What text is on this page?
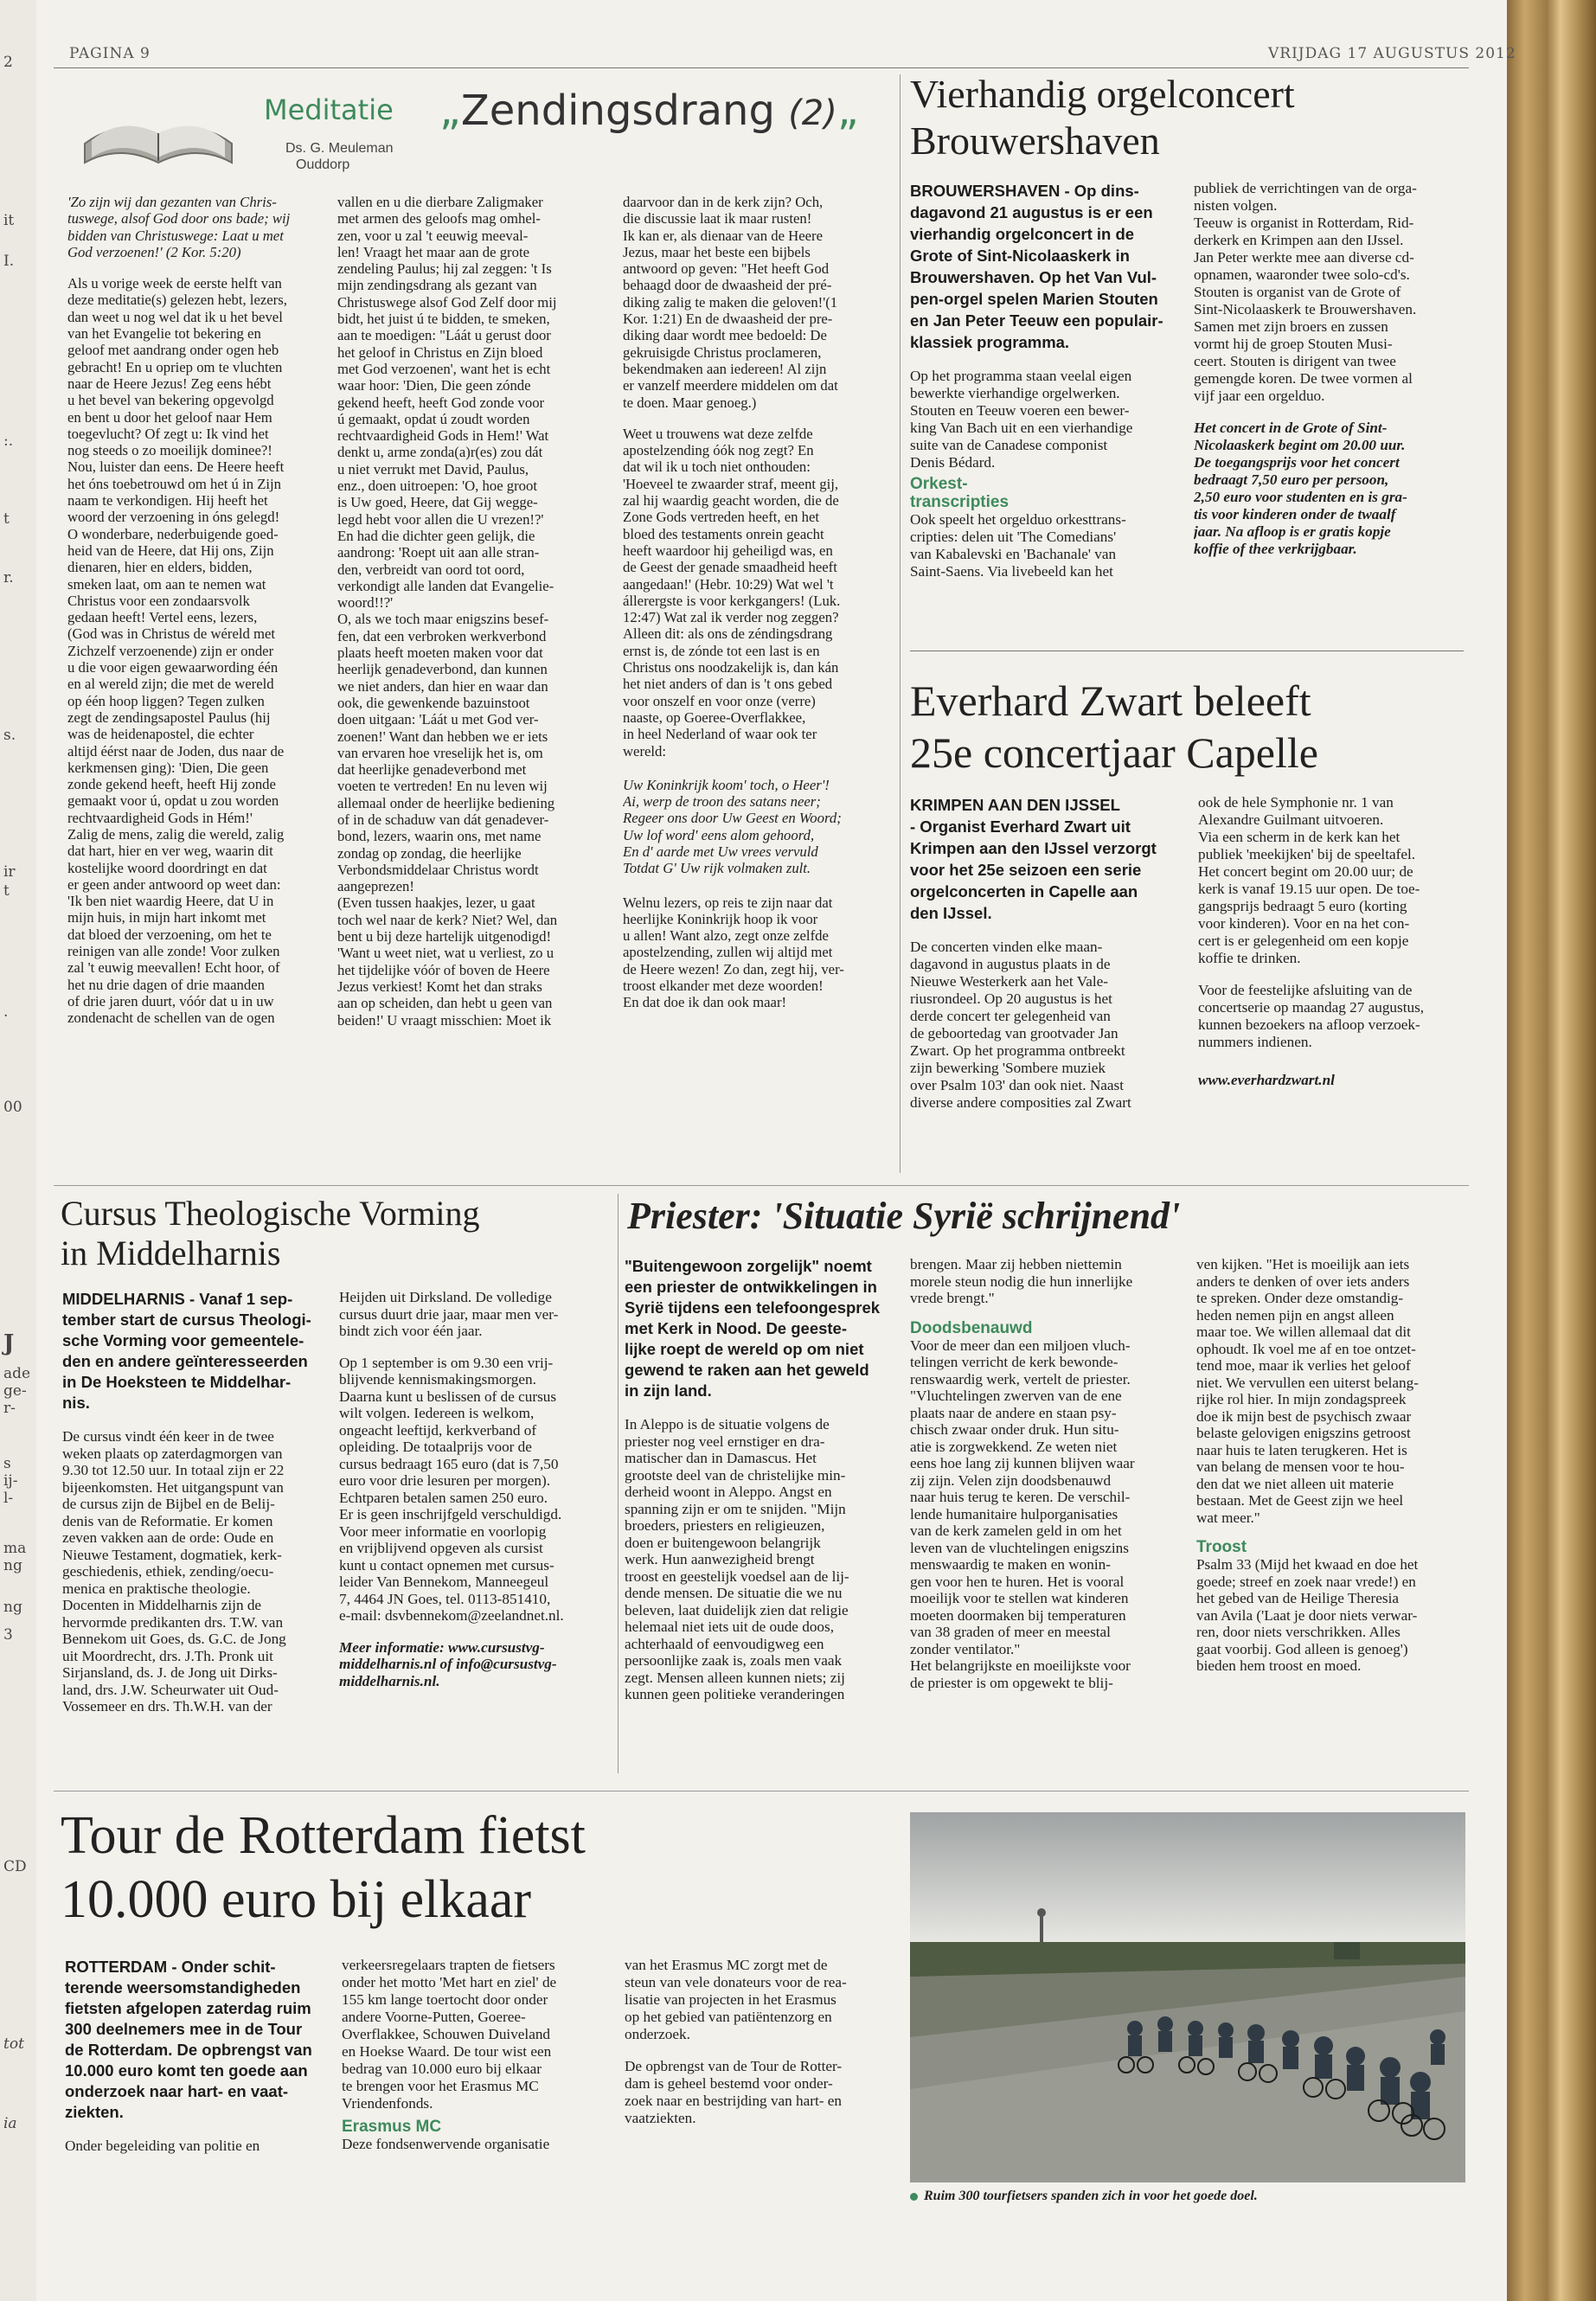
2
it
I.
:.
t
r.
s.
ir
t
.
00
J
ade
ge-
r-
s
ij-
l-
ma
ng
ng
3
CD
tot
ia
PAGINA 9	VRIJDAG 17 AUGUSTUS 2012
Meditatie
Ds. G. Meuleman
Ouddorp
„Zendingsdrang (2)„
'Zo zijn wij dan gezanten van Chris-
tuswege, alsof God door ons bade; wij
bidden van Christuswege: Laat u met
God verzoenen!' (2 Kor. 5:20)
Als u vorige week de eerste helft van
deze meditatie(s) gelezen hebt, lezers,
dan weet u nog wel dat ik u het bevel
van het Evangelie tot bekering en
geloof met aandrang onder ogen heb
gebracht! En u opriep om te vluchten
naar de Heere Jezus! Zeg eens hébt
u het bevel van bekering opgevolgd
en bent u door het geloof naar Hem
toegevlucht? Of zegt u: Ik vind het
nog steeds o zo moeilijk dominee?!
Nou, luister dan eens. De Heere heeft
het óns toebetrouwd om het ú in Zijn
naam te verkondigen. Hij heeft het
woord der verzoening in óns gelegd!
O wonderbare, nederbuigende goed-
heid van de Heere, dat Hij ons, Zijn
dienaren, hier en elders, bidden,
smeken laat, om aan te nemen wat
Christus voor een zondaarsvolk
gedaan heeft! Vertel eens, lezers,
(God was in Christus de wéreld met
Zichzelf verzoenende) zijn er onder
u die voor eigen gewaarwording één
en al wereld zijn; die met de wereld
op één hoop liggen? Tegen zulken
zegt de zendingsapostel Paulus (hij
was de heidenapostel, die echter
altijd éérst naar de Joden, dus naar de
kerkmensen ging): 'Dien, Die geen
zonde gekend heeft, heeft Hij zonde
gemaakt voor ú, opdat u zou worden
rechtvaardigheid Gods in Hém!'
Zalig de mens, zalig die wereld, zalig
dat hart, hier en ver weg, waarin dit
kostelijke woord doordringt en dat
er geen ander antwoord op weet dan:
'Ik ben niet waardig Heere, dat U in
mijn huis, in mijn hart inkomt met
dat bloed der verzoening, om het te
reinigen van alle zonde! Voor zulken
zal 't euwig meevallen! Echt hoor, of
het nu drie dagen of drie maanden
of drie jaren duurt, vóór dat u in uw
zondenacht de schellen van de ogen
vallen en u die dierbare Zaligmaker
met armen des geloofs mag omhel-
zen, voor u zal 't eeuwig meeval-
len! Vraagt het maar aan de grote
zendeling Paulus; hij zal zeggen: 't Is
mijn zendingsdrang als gezant van
Christuswege alsof God Zelf door mij
bidt, het juist ú te bidden, te smeken,
aan te moedigen: "Láát u gerust door
het geloof in Christus en Zijn bloed
met God verzoenen', want het is echt
waar hoor: 'Dien, Die geen zónde
gekend heeft, heeft God zonde voor
ú gemaakt, opdat ú zoudt worden
rechtvaardigheid Gods in Hem!' Wat
denkt u, arme zonda(a)r(es) zou dát
u niet verrukt met David, Paulus,
enz., doen uitroepen: 'O, hoe groot
is Uw goed, Heere, dat Gij wegge-
legd hebt voor allen die U vrezen!?'
En had die dichter geen gelijk, die
aandrong: 'Roept uit aan alle stran-
den, verbreidt van oord tot oord,
verkondigt alle landen dat Evangelie-
woord!!?'
O, als we toch maar enigszins besef-
fen, dat een verbroken werkverbond
plaats heeft moeten maken voor dat
heerlijk genadeverbond, dan kunnen
we niet anders, dan hier en waar dan
ook, die gewenkende bazuinstoot
doen uitgaan: 'Láát u met God ver-
zoenen!' Want dan hebben we er iets
van ervaren hoe vreselijk het is, om
dat heerlijke genadeverbond met
voeten te vertreden! En nu leven wij
allemaal onder de heerlijke bediening
of in de schaduw van dát genadever-
bond, lezers, waarin ons, met name
zondag op zondag, die heerlijke
Verbondsmiddelaar Christus wordt
aangeprezen!
(Even tussen haakjes, lezer, u gaat
toch wel naar de kerk? Niet? Wel, dan
bent u bij deze hartelijk uitgenodigd!
'Want u weet niet, wat u verliest, zo u
het tijdelijke vóór of boven de Heere
Jezus verkiest! Komt het dan straks
aan op scheiden, dan hebt u geen van
beiden!' U vraagt misschien: Moet ik
daarvoor dan in de kerk zijn? Och,
die discussie laat ik maar rusten!
Ik kan er, als dienaar van de Heere
Jezus, maar het beste een bijbels
antwoord op geven: "Het heeft God
behaagd door de dwaasheid der pré-
diking zalig te maken die geloven!'(1
Kor. 1:21) En de dwaasheid der pre-
diking daar wordt mee bedoeld: De
gekruisigde Christus proclameren,
bekendmaken aan iedereen! Al zijn
er vanzelf meerdere middelen om dat
te doen. Maar genoeg.)
Weet u trouwens wat deze zelfde
apostelzending óók nog zegt? En
dat wil ik u toch niet onthouden:
'Hoeveel te zwaarder straf, meent gij,
zal hij waardig geacht worden, die de
Zone Gods vertreden heeft, en het
bloed des testaments onrein geacht
heeft waardoor hij geheiligd was, en
de Geest der genade smaadheid heeft
aangedaan!' (Hebr. 10:29) Wat wel 't
állerergste is voor kerkgangers! (Luk.
12:47) Wat zal ik verder nog zeggen?
Alleen dit: als ons de zéndingsdrang
ernst is, de zónde tot een last is en
Christus ons noodzakelijk is, dan kán
het niet anders of dan is 't ons gebed
voor onszelf en voor onze (verre)
naaste, op Goeree-Overflakkee,
in heel Nederland of waar ook ter
wereld:
Uw Koninkrijk koom' toch, o Heer'!
Ai, werp de troon des satans neer;
Regeer ons door Uw Geest en Woord;
Uw lof word' eens alom gehoord,
En d' aarde met Uw vrees vervuld
Totdat G' Uw rijk volmaken zult.
Welnu lezers, op reis te zijn naar dat
heerlijke Koninkrijk hoop ik voor
u allen! Want alzo, zegt onze zelfde
apostelzending, zullen wij altijd met
de Heere wezen! Zo dan, zegt hij, ver-
troost elkander met deze woorden!
En dat doe ik dan ook maar!
Vierhandig orgelconcert
Brouwershaven
BROUWERSHAVEN - Op dins-
dagavond 21 augustus is er een
vierhandig orgelconcert in de
Grote of Sint-Nicolaaskerk in
Brouwershaven. Op het Van Vul-
pen-orgel spelen Marien Stouten
en Jan Peter Teeuw een populair-
klassiek programma.
Op het programma staan veelal eigen
bewerkte vierhandige orgelwerken.
Stouten en Teeuw voeren een bewer-
king Van Bach uit en een vierhandige
suite van de Canadese componist
Denis Bédard.
Orkest-
transcripties
Ook speelt het orgelduo orkesttrans-
cripties: delen uit 'The Comedians'
van Kabalevski en 'Bachanale' van
Saint-Saens. Via livebeeld kan het
publiek de verrichtingen van de orga-
nisten volgen.
Teeuw is organist in Rotterdam, Rid-
derkerk en Krimpen aan den IJssel.
Jan Peter werkte mee aan diverse cd-
opnamen, waaronder twee solo-cd's.
Stouten is organist van de Grote of
Sint-Nicolaaskerk te Brouwershaven.
Samen met zijn broers en zussen
vormt hij de groep Stouten Musi-
ceert. Stouten is dirigent van twee
gemengde koren. De twee vormen al
vijf jaar een orgelduo.
Het concert in de Grote of Sint-
Nicolaaskerk begint om 20.00 uur.
De toegangsprijs voor het concert
bedraagt 7,50 euro per persoon,
2,50 euro voor studenten en is gra-
tis voor kinderen onder de twaalf
jaar. Na afloop is er gratis kopje
koffie of thee verkrijgbaar.
Everhard Zwart beleeft
25e concertjaar Capelle
KRIMPEN AAN DEN IJSSEL
- Organist Everhard Zwart uit
Krimpen aan den IJssel verzorgt
voor het 25e seizoen een serie
orgelconcerten in Capelle aan
den IJssel.
De concerten vinden elke maan-
dagavond in augustus plaats in de
Nieuwe Westerkerk aan het Vale-
riusrondeel. Op 20 augustus is het
derde concert ter gelegenheid van
de geboortedag van grootvader Jan
Zwart. Op het programma ontbreekt
zijn bewerking 'Sombere muziek
over Psalm 103' dan ook niet. Naast
diverse andere composities zal Zwart
ook de hele Symphonie nr. 1 van
Alexandre Guilmant uitvoeren.
Via een scherm in de kerk kan het
publiek 'meekijken' bij de speeltafel.
Het concert begint om 20.00 uur; de
kerk is vanaf 19.15 uur open. De toe-
gangsprijs bedraagt 5 euro (korting
voor kinderen). Voor en na het con-
cert is er gelegenheid om een kopje
koffie te drinken.
Voor de feestelijke afsluiting van de
concertserie op maandag 27 augustus,
kunnen bezoekers na afloop verzoek-
nummers indienen.
www.everhardzwart.nl
Cursus Theologische Vorming
in Middelharnis
MIDDELHARNIS - Vanaf 1 sep-
tember start de cursus Theologi-
sche Vorming voor gemeentele-
den en andere geïnteresseerden
in De Hoeksteen te Middelhar-
nis.
De cursus vindt één keer in de twee
weken plaats op zaterdagmorgen van
9.30 tot 12.50 uur. In totaal zijn er 22
bijeenkomsten. Het uitgangspunt van
de cursus zijn de Bijbel en de Belij-
denis van de Reformatie. Er komen
zeven vakken aan de orde: Oude en
Nieuwe Testament, dogmatiek, kerk-
geschiedenis, ethiek, zending/oecu-
menica en praktische theologie.
Docenten in Middelharnis zijn de
hervormde predikanten drs. T.W. van
Bennekom uit Goes, ds. G.C. de Jong
uit Moordrecht, drs. J.Th. Pronk uit
Sirjansland, ds. J. de Jong uit Dirks-
land, drs. J.W. Scheurwater uit Oud-
Vossemeer en drs. Th.W.H. van der
Heijden uit Dirksland. De volledige
cursus duurt drie jaar, maar men ver-
bindt zich voor één jaar.
Op 1 september is om 9.30 een vrij-
blijvende kennismakingsmorgen.
Daarna kunt u beslissen of de cursus
wilt volgen. Iedereen is welkom,
ongeacht leeftijd, kerkverband of
opleiding. De totaalprijs voor de
cursus bedraagt 165 euro (dat is 7,50
euro voor drie lesuren per morgen).
Echtparen betalen samen 250 euro.
Er is geen inschrijfgeld verschuldigd.
Voor meer informatie en voorlopig
en vrijblijvend opgeven als cursist
kunt u contact opnemen met cursus-
leider Van Bennekom, Manneegeul
7, 4464 JN Goes, tel. 0113-851410,
e-mail: dsvbennekom@zeelandnet.nl.
Meer informatie: www.cursustvg-
middelharnis.nl of info@cursustvg-
middelharnis.nl.
Priester: 'Situatie Syrië schrijnend'
"Buitengewoon zorgelijk" noemt
een priester de ontwikkelingen in
Syrië tijdens een telefoongesprek
met Kerk in Nood. De geeste-
lijke roept de wereld op om niet
gewend te raken aan het geweld
in zijn land.
In Aleppo is de situatie volgens de
priester nog veel ernstiger en dra-
matischer dan in Damascus. Het
grootste deel van de christelijke min-
derheid woont in Aleppo. Angst en
spanning zijn er om te snijden. "Mijn
broeders, priesters en religieuzen,
doen er buitengewoon belangrijk
werk. Hun aanwezigheid brengt
troost en geestelijk voedsel aan de lij-
dende mensen. De situatie die we nu
beleven, laat duidelijk zien dat religie
helemaal niet iets uit de oude doos,
achterhaald of eenvoudigweg een
persoonlijke zaak is, zoals men vaak
zegt. Mensen alleen kunnen niets; zij
kunnen geen politieke veranderingen
brengen. Maar zij hebben niettemin
morele steun nodig die hun innerlijke
vrede brengt."
Doodsbenauwd
Voor de meer dan een miljoen vluch-
telingen verricht de kerk bewonde-
renswaardig werk, vertelt de priester.
"Vluchtelingen zwerven van de ene
plaats naar de andere en staan psy-
chisch zwaar onder druk. Hun situ-
atie is zorgwekkend. Ze weten niet
eens hoe lang zij kunnen blijven waar
zij zijn. Velen zijn doodsbenauwd
naar huis terug te keren. De verschil-
lende humanitaire hulporganisaties
van de kerk zamelen geld in om het
leven van de vluchtelingen enigszins
menswaardig te maken en wonin-
gen voor hen te huren. Het is vooral
moeilijk voor te stellen wat kinderen
moeten doormaken bij temperaturen
van 38 graden of meer en meestal
zonder ventilator."
Het belangrijkste en moeilijkste voor
de priester is om opgewekt te blij-
ven kijken. "Het is moeilijk aan iets
anders te denken of over iets anders
te spreken. Onder deze omstandig-
heden nemen pijn en angst alleen
maar toe. We willen allemaal dat dit
ophoudt. Ik voel me af en toe ontzet-
tend moe, maar ik verlies het geloof
niet. We vervullen een uiterst belang-
rijke rol hier. In mijn zondagspreek
doe ik mijn best de psychisch zwaar
belaste gelovigen enigszins getroost
naar huis te laten terugkeren. Het is
van belang de mensen voor te hou-
den dat we niet alleen uit materie
bestaan. Met de Geest zijn we heel
wat meer."
Troost
Psalm 33 (Mijd het kwaad en doe het
goede; streef en zoek naar vrede!) en
het gebed van de Heilige Theresia
van Avila ('Laat je door niets verwar-
ren, door niets verschrikken. Alles
gaat voorbij. God alleen is genoeg')
bieden hem troost en moed.
Tour de Rotterdam fietst
10.000 euro bij elkaar
ROTTERDAM - Onder schit-
terende weersomstandigheden
fietsten afgelopen zaterdag ruim
300 deelnemers mee in de Tour
de Rotterdam. De opbrengst van
10.000 euro komt ten goede aan
onderzoek naar hart- en vaat-
ziekten.
Onder begeleiding van politie en
verkeersregelaars trapten de fietsers
onder het motto 'Met hart en ziel' de
155 km lange toertocht door onder
andere Voorne-Putten, Goeree-
Overflakkee, Schouwen Duiveland
en Hoekse Waard. De tour wist een
bedrag van 10.000 euro bij elkaar
te brengen voor het Erasmus MC
Vriendenfonds.
Erasmus MC
Deze fondsenwervende organisatie
van het Erasmus MC zorgt met de
steun van vele donateurs voor de rea-
lisatie van projecten in het Erasmus
op het gebied van patiëntenzorg en
onderzoek.
De opbrengst van de Tour de Rotter-
dam is geheel bestemd voor onder-
zoek naar en bestrijding van hart- en
vaatziekten.
Ruim 300 tourfietsers spanden zich in voor het goede doel.
